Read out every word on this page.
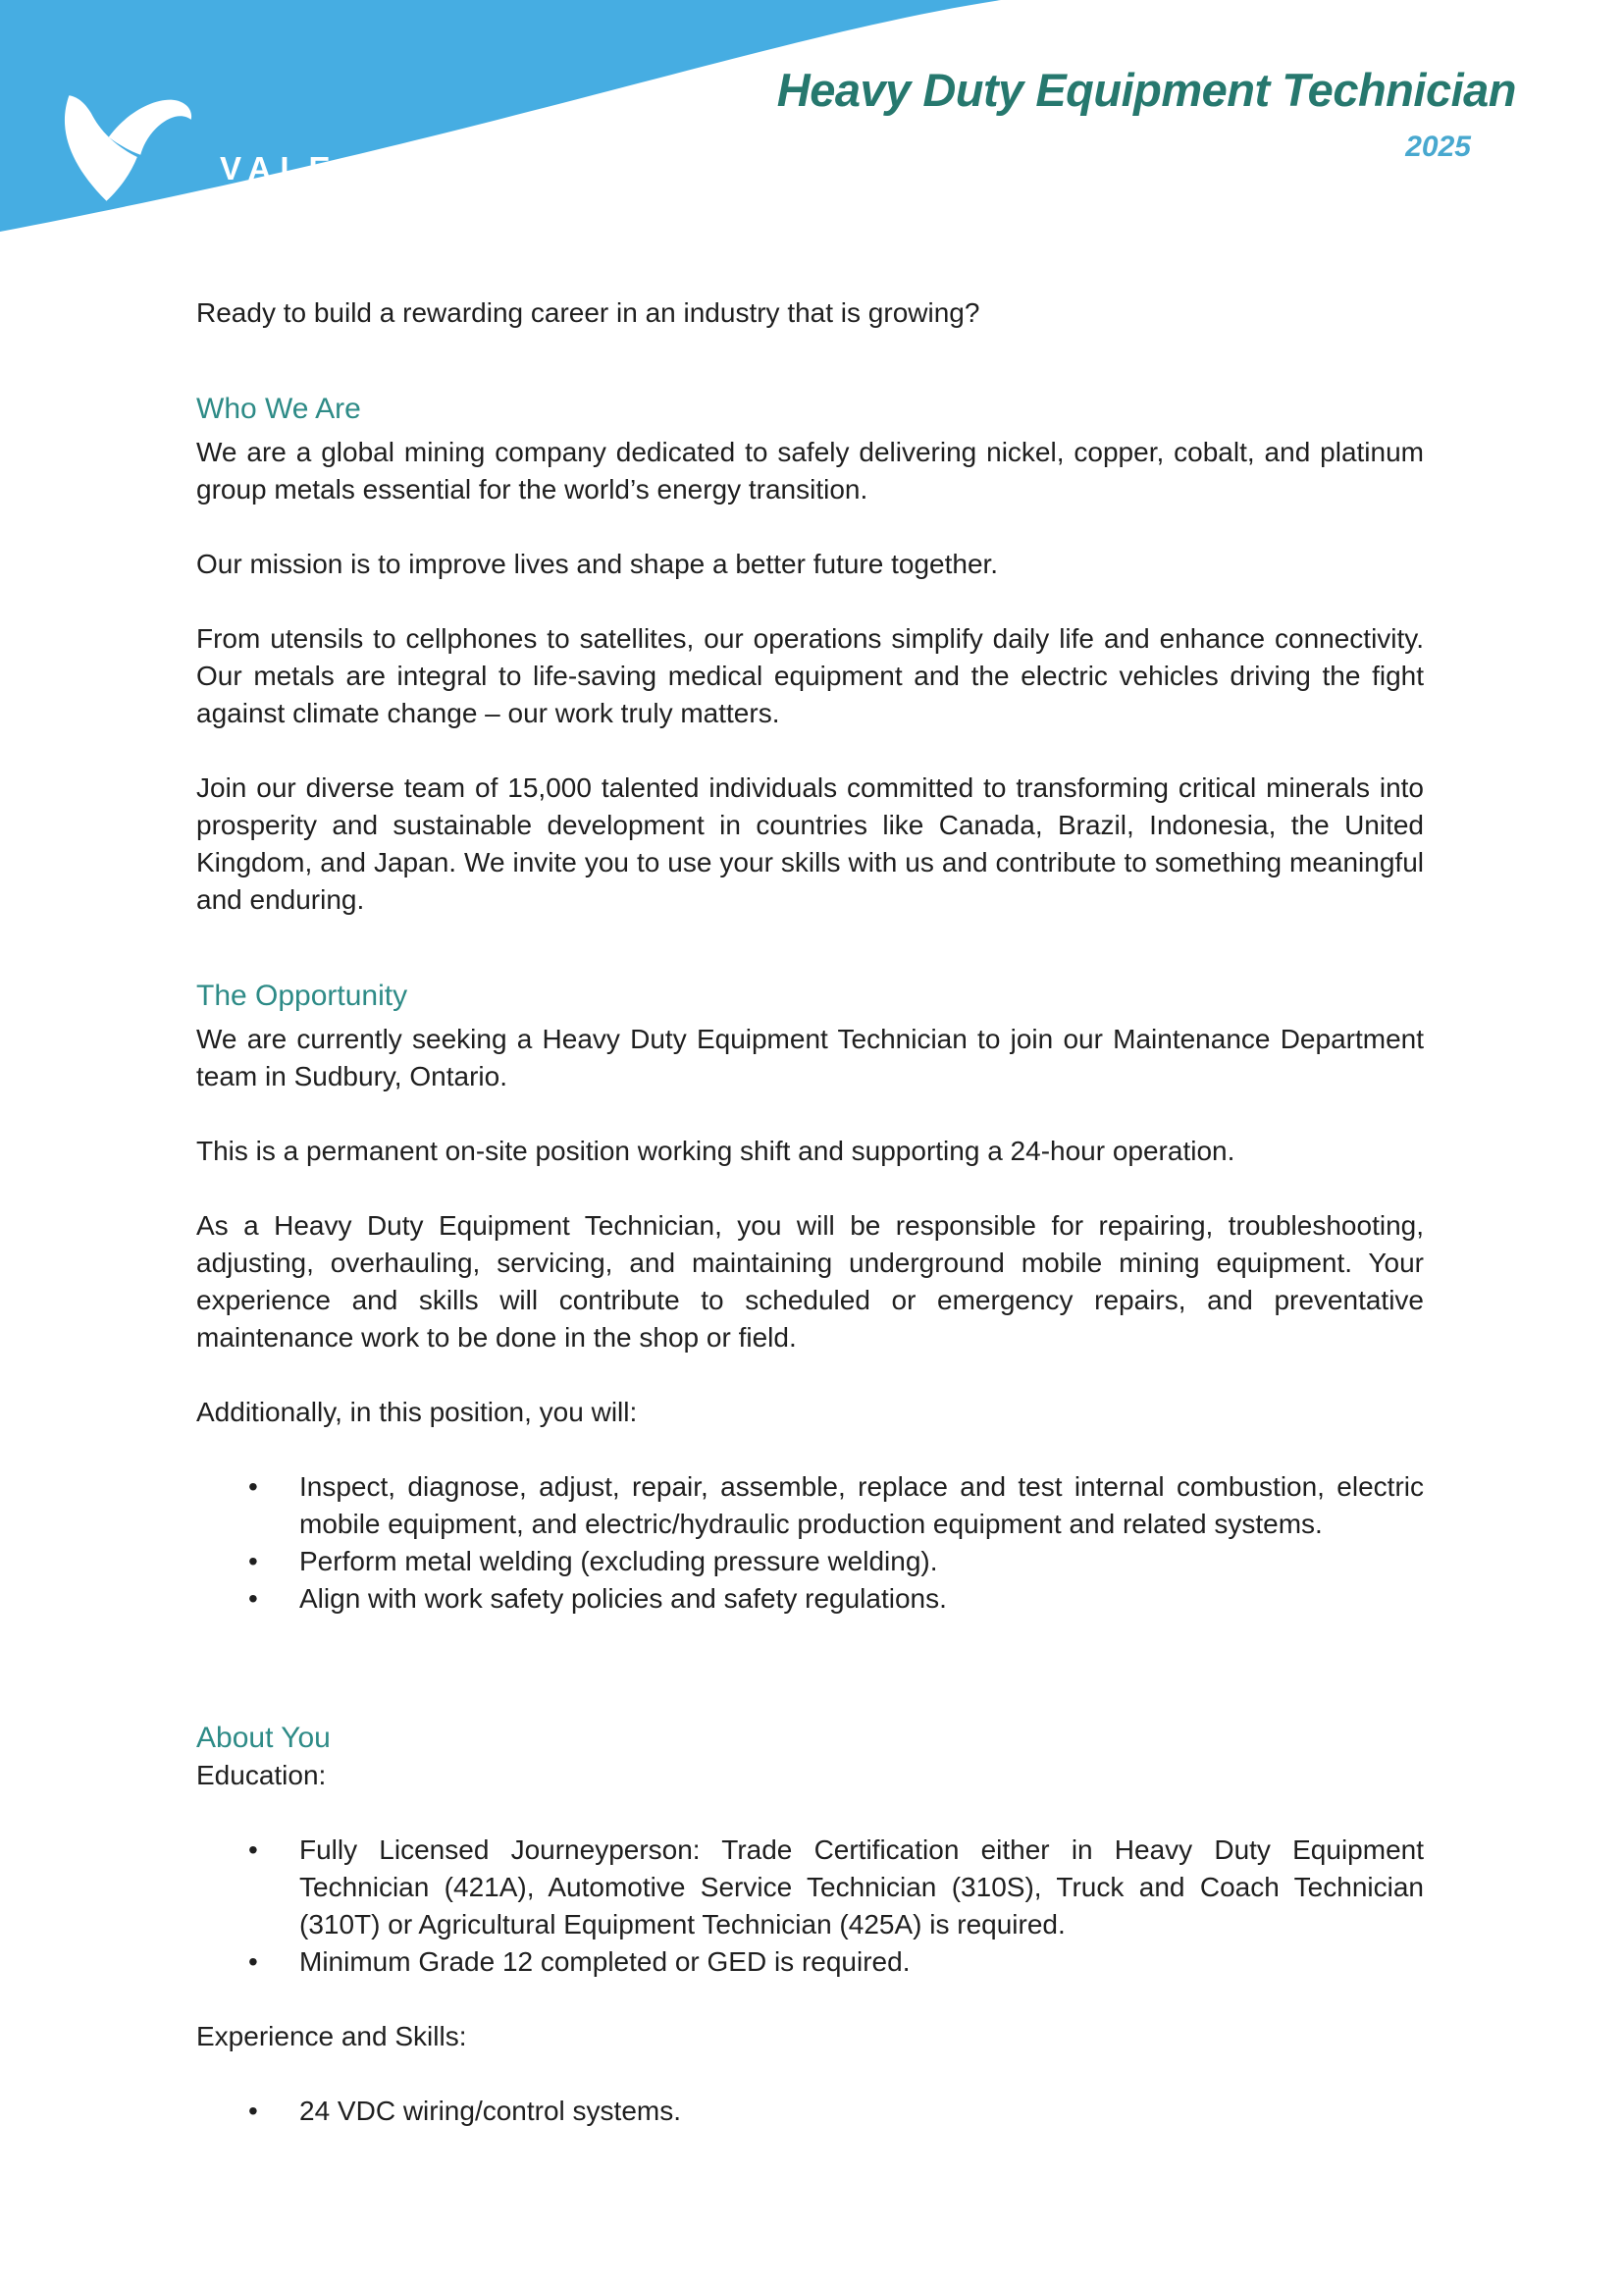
VALE
Heavy Duty Equipment Technician
2025

Ready to build a rewarding career in an industry that is growing?

Who We Are

We are a global mining company dedicated to safely delivering nickel, copper, cobalt, and platinum group metals essential for the world’s energy transition.

Our mission is to improve lives and shape a better future together.

From utensils to cellphones to satellites, our operations simplify daily life and enhance connectivity. Our metals are integral to life-saving medical equipment and the electric vehicles driving the fight against climate change – our work truly matters.

Join our diverse team of 15,000 talented individuals committed to transforming critical minerals into prosperity and sustainable development in countries like Canada, Brazil, Indonesia, the United Kingdom, and Japan. We invite you to use your skills with us and contribute to something meaningful and enduring.

The Opportunity

We are currently seeking a Heavy Duty Equipment Technician to join our Maintenance Department team in Sudbury, Ontario.

This is a permanent on-site position working shift and supporting a 24-hour operation.

As a Heavy Duty Equipment Technician, you will be responsible for repairing, troubleshooting, adjusting, overhauling, servicing, and maintaining underground mobile mining equipment. Your experience and skills will contribute to scheduled or emergency repairs, and preventative maintenance work to be done in the shop or field.

Additionally, in this position, you will:

• Inspect, diagnose, adjust, repair, assemble, replace and test internal combustion, electric mobile equipment, and electric/hydraulic production equipment and related systems.
• Perform metal welding (excluding pressure welding).
• Align with work safety policies and safety regulations.
About You

Education:

• Fully Licensed Journeyperson: Trade Certification either in Heavy Duty Equipment Technician (421A), Automotive Service Technician (310S), Truck and Coach Technician (310T) or Agricultural Equipment Technician (425A) is required.
• Minimum Grade 12 completed or GED is required.

Experience and Skills:

• 24 VDC wiring/control systems.
